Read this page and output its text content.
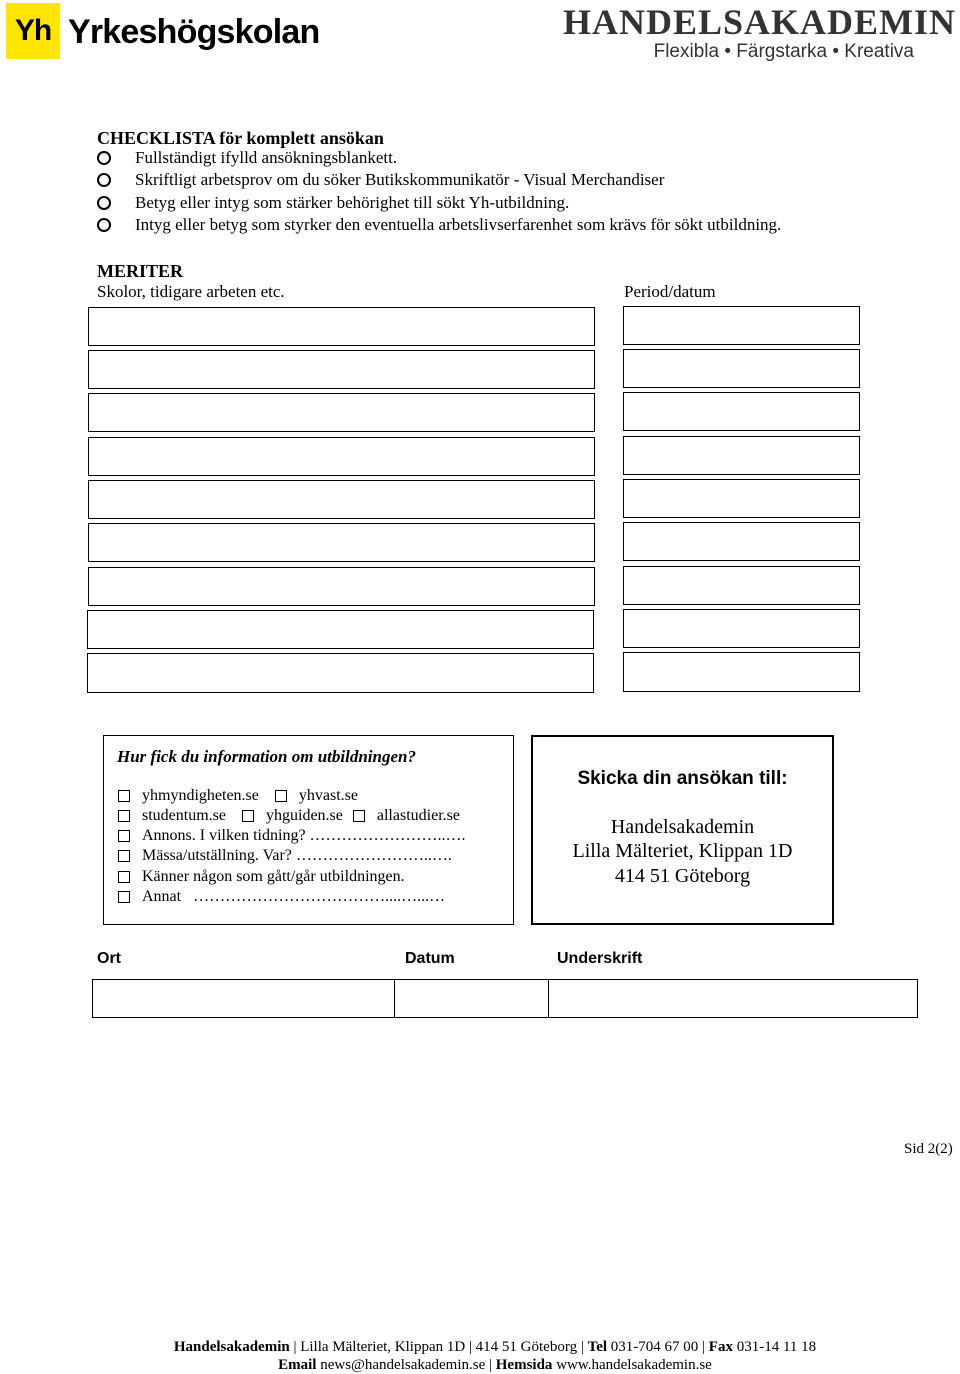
Yh Yrkeshögskolan	HANDELSAKADEMIN
Flexibla • Färgstarka • Kreativa
CHECKLISTA för komplett ansökan
Fullständigt ifylld ansökningsblankett.
Skriftligt arbetsprov om du söker Butikskommunikatör - Visual Merchandiser
Betyg eller intyg som stärker behörighet till sökt Yh-utbildning.
Intyg eller betyg som styrker den eventuella arbetslivserfarenhet som krävs för sökt utbildning.
MERITER
Skolor, tidigare arbeten etc.	Period/datum
Hur fick du information om utbildningen?
yhmyndigheten.se	yhvast.se
studentum.se	yhguiden.se allastudier.se
Annons. I vilken tidning? ……………………..….
Mässa/utställning. Var? ……………………..….
Känner någon som gått/går utbildningen.
Annat ………………………………....…...…
Skicka din ansökan till:
Handelsakademin
Lilla Mälteriet, Klippan 1D
414 51 Göteborg
Ort	Datum	Underskrift
Sid 2(2)
Handelsakademin | Lilla Mälteriet, Klippan 1D | 414 51 Göteborg | Tel 031-704 67 00 | Fax 031-14 11 18
Email news@handelsakademin.se | Hemsida www.handelsakademin.se
